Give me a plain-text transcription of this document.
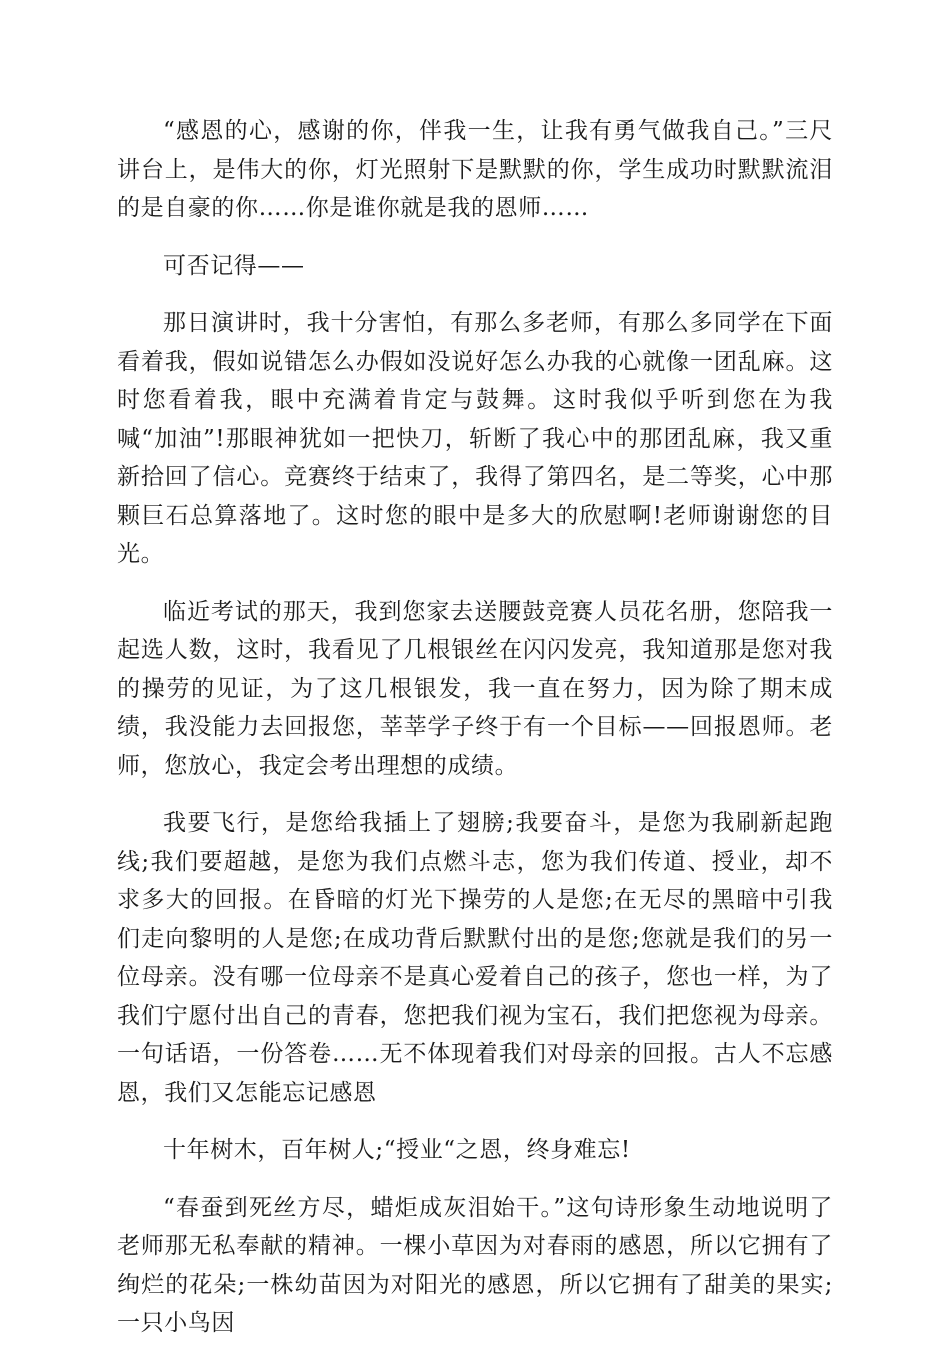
“感恩的心，感谢的你，伴我一生，让我有勇气做我自己。”三尺讲台上，是伟大的你，灯光照射下是默默的你，学生成功时默默流泪的是自豪的你……你是谁你就是我的恩师……

可否记得——

那日演讲时，我十分害怕，有那么多老师，有那么多同学在下面看着我，假如说错怎么办假如没说好怎么办我的心就像一团乱麻。这时您看着我，眼中充满着肯定与鼓舞。这时我似乎听到您在为我喊“加油”!那眼神犹如一把快刀，斩断了我心中的那团乱麻，我又重新拾回了信心。竞赛终于结束了，我得了第四名，是二等奖，心中那颗巨石总算落地了。这时您的眼中是多大的欣慰啊!老师谢谢您的目光。

临近考试的那天，我到您家去送腰鼓竞赛人员花名册，您陪我一起选人数，这时，我看见了几根银丝在闪闪发亮，我知道那是您对我的操劳的见证，为了这几根银发，我一直在努力，因为除了期末成绩，我没能力去回报您，莘莘学子终于有一个目标——回报恩师。老师，您放心，我定会考出理想的成绩。

我要飞行，是您给我插上了翅膀;我要奋斗，是您为我刷新起跑线;我们要超越，是您为我们点燃斗志，您为我们传道、授业，却不求多大的回报。在昏暗的灯光下操劳的人是您;在无尽的黑暗中引我们走向黎明的人是您;在成功背后默默付出的是您;您就是我们的另一位母亲。没有哪一位母亲不是真心爱着自己的孩子，您也一样，为了我们宁愿付出自己的青春，您把我们视为宝石，我们把您视为母亲。一句话语，一份答卷……无不体现着我们对母亲的回报。古人不忘感恩，我们又怎能忘记感恩

十年树木，百年树人;“授业“之恩，终身难忘!

“春蚕到死丝方尽，蜡炬成灰泪始干。”这句诗形象生动地说明了老师那无私奉献的精神。一棵小草因为对春雨的感恩，所以它拥有了绚烂的花朵;一株幼苗因为对阳光的感恩，所以它拥有了甜美的果实;一只小鸟因
